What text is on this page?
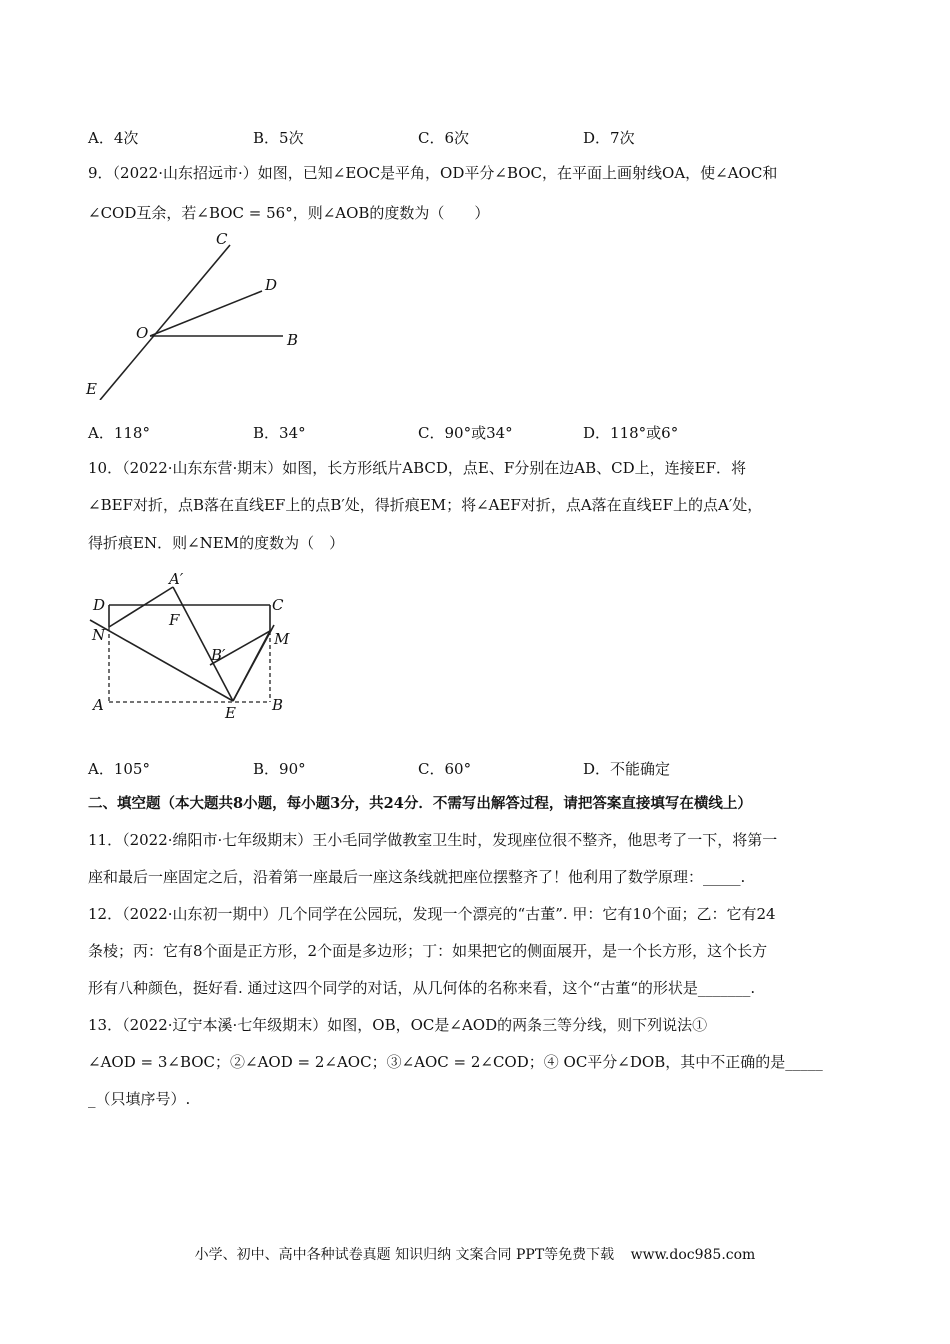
A．4次	B．5次	C．6次	D．7次
9．（2022·山东招远市·）如图，已知∠EOC是平角，OD平分∠BOC，在平面上画射线OA，使∠AOC和
∠COD互余，若∠BOC = 56°，则∠AOB的度数为（　　）
C
D
O	B
E
A．118°	B．34°	C．90°或34°	D．118°或6°
10．（2022·山东东营·期末）如图，长方形纸片ABCD，点E、F分别在边AB、CD上，连接EF．将
∠BEF对折，点B落在直线EF上的点B′处，得折痕EM；将∠AEF对折，点A落在直线EF上的点A′处，
得折痕EN．则∠NEM的度数为（　）
A′
D	C
F
N	M
B′
A	E B
A．105°	B．90°	C．60°	D．不能确定
二、填空题（本大题共8小题，每小题3分，共24分．不需写出解答过程，请把答案直接填写在横线上）
11．（2022·绵阳市·七年级期末）王小毛同学做教室卫生时，发现座位很不整齐，他思考了一下，将第一
座和最后一座固定之后，沿着第一座最后一座这条线就把座位摆整齐了！他利用了数学原理：_____.
12．（2022·山东初一期中）几个同学在公园玩，发现一个漂亮的“古董”. 甲：它有10个面；乙：它有24
条棱；丙：它有8个面是正方形，2个面是多边形；丁：如果把它的侧面展开，是一个长方形，这个长方
形有八种颜色，挺好看. 通过这四个同学的对话，从几何体的名称来看，这个“古董“的形状是_______.
13．（2022·辽宁本溪·七年级期末）如图，OB，OC是∠AOD的两条三等分线，则下列说法①
∠AOD = 3∠BOC；②∠AOD = 2∠AOC；③∠AOC = 2∠COD；④ OC平分∠DOB，其中不正确的是_____
_（只填序号）.
小学、初中、高中各种试卷真题 知识归纳 文案合同 PPT等免费下载 www.doc985.com
